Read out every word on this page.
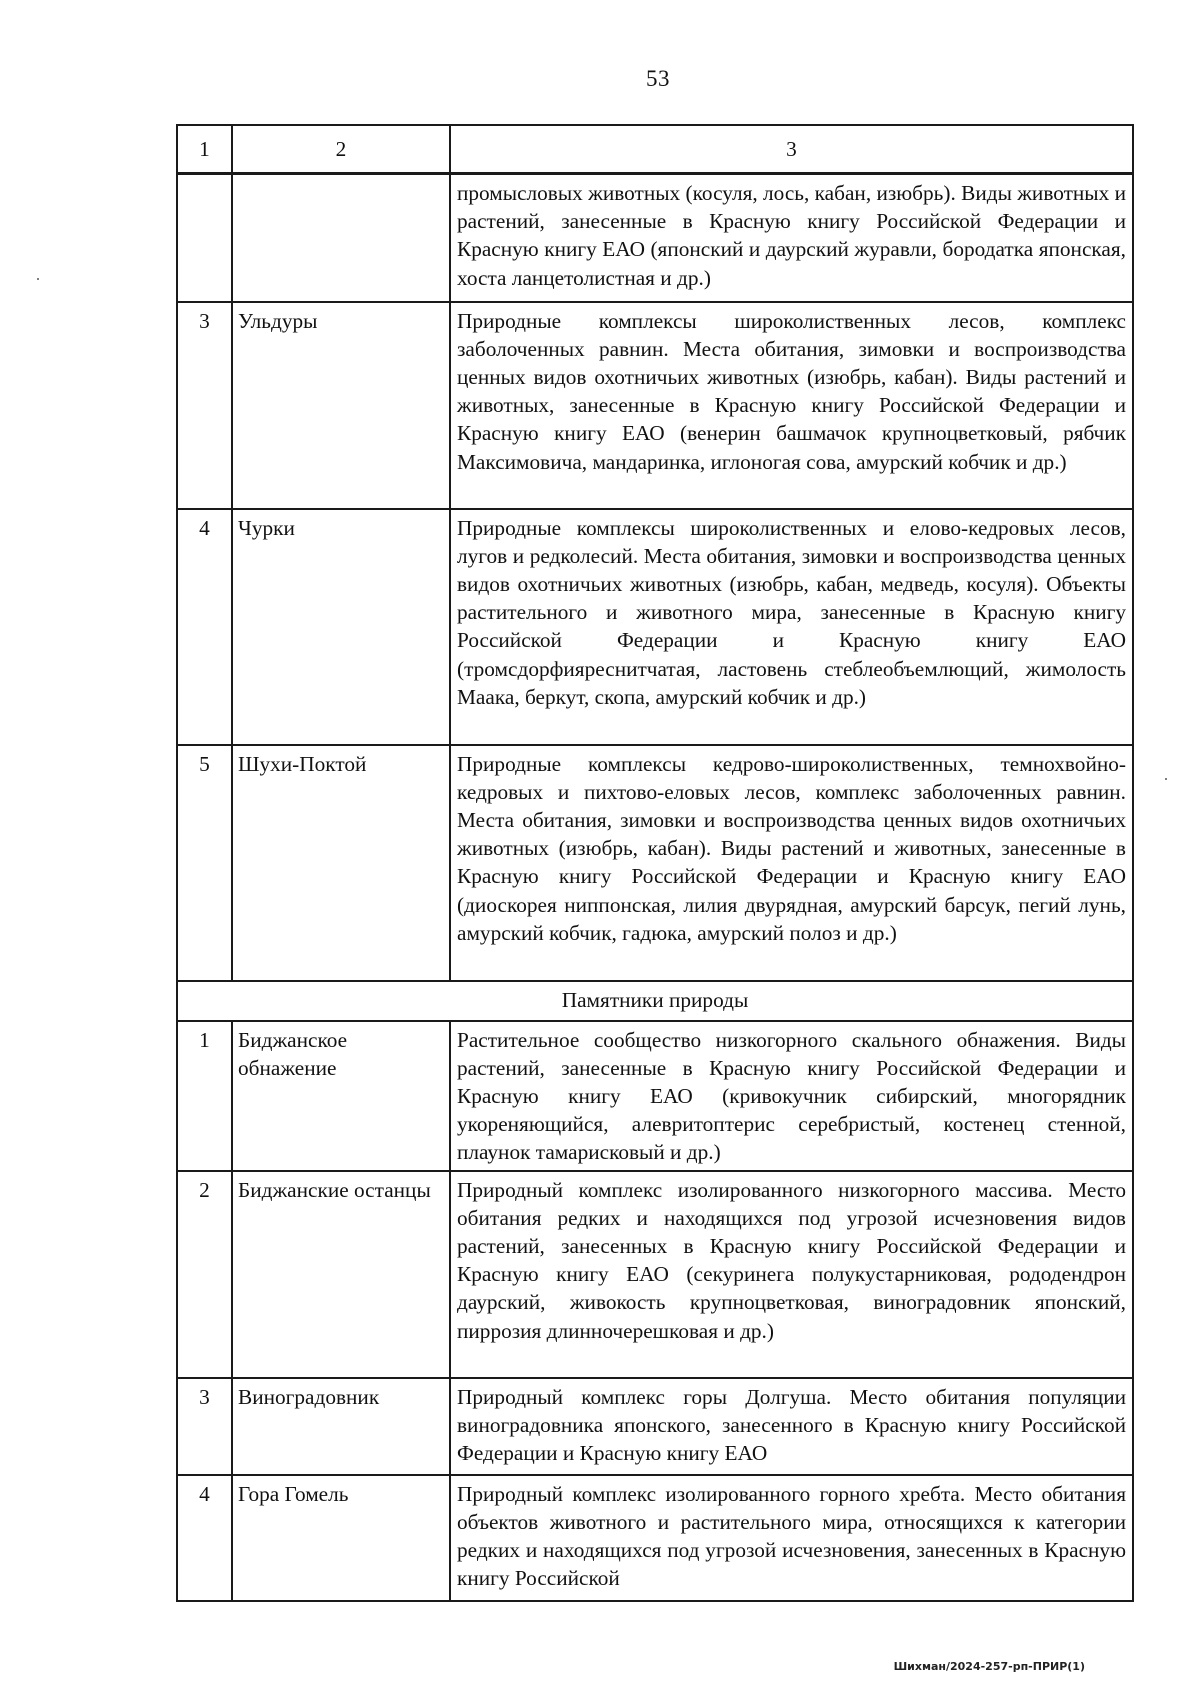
53
1	2	3
		промысловых животных (косуля, лось, кабан, изюбрь). Виды животных и растений, занесенные в Красную книгу Российской Федерации и Красную книгу ЕАО (японский и даурский журавли, бородатка японская, хоста ланцетолистная и др.)
3	Ульдуры	Природные комплексы широколиственных лесов, комплекс заболоченных равнин. Места обитания, зимовки и воспроизводства ценных видов охотничьих животных (изюбрь, кабан). Виды растений и животных, занесенные в Красную книгу Российской Федерации и Красную книгу ЕАО (венерин башмачок крупноцветковый, рябчик Максимовича, мандаринка, иглоногая сова, амурский кобчик и др.)
4	Чурки	Природные комплексы широколиственных и елово-кедровых лесов, лугов и редколесий. Места обитания, зимовки и воспроизводства ценных видов охотничьих животных (изюбрь, кабан, медведь, косуля). Объекты растительного и животного мира, занесенные в Красную книгу Российской Федерации и Красную книгу ЕАО (тромсдорфияреснитчатая, ластовень стеблеобъемлющий, жимолость Маака, беркут, скопа, амурский кобчик и др.)
5	Шухи-Поктой	Природные комплексы кедрово-широколиственных, темнохвойно-кедровых и пихтово-еловых лесов, комплекс заболоченных равнин. Места обитания, зимовки и воспроизводства ценных видов охотничьих животных (изюбрь, кабан). Виды растений и животных, занесенные в Красную книгу Российской Федерации и Красную книгу ЕАО (диоскорея ниппонская, лилия двурядная, амурский барсук, пегий лунь, амурский кобчик, гадюка, амурский полоз и др.)
Памятники природы		
1	Биджанское обнажение	Растительное сообщество низкогорного скального обнажения. Виды растений, занесенные в Красную книгу Российской Федерации и Красную книгу ЕАО (кривокучник сибирский, многорядник укореняющийся, алевритоптерис серебристый, костенец стенной, плаунок тамарисковый и др.)
2	Биджанские останцы	Природный комплекс изолированного низкогорного массива. Место обитания редких и находящихся под угрозой исчезновения видов растений, занесенных в Красную книгу Российской Федерации и Красную книгу ЕАО (секуринега полукустарниковая, рододендрон даурский, живокость крупноцветковая, виноградовник японский, пиррозия длинночерешковая и др.)
3	Виноградовник	Природный комплекс горы Долгуша. Место обитания популяции виноградовника японского, занесенного в Красную книгу Российской Федерации и Красную книгу ЕАО
4	Гора Гомель	Природный комплекс изолированного горного хребта. Место обитания объектов животного и растительного мира, относящихся к категории редких и находящихся под угрозой исчезновения, занесенных в Красную книгу Российской
Шихман/2024-257-рп-ПРИР(1)
